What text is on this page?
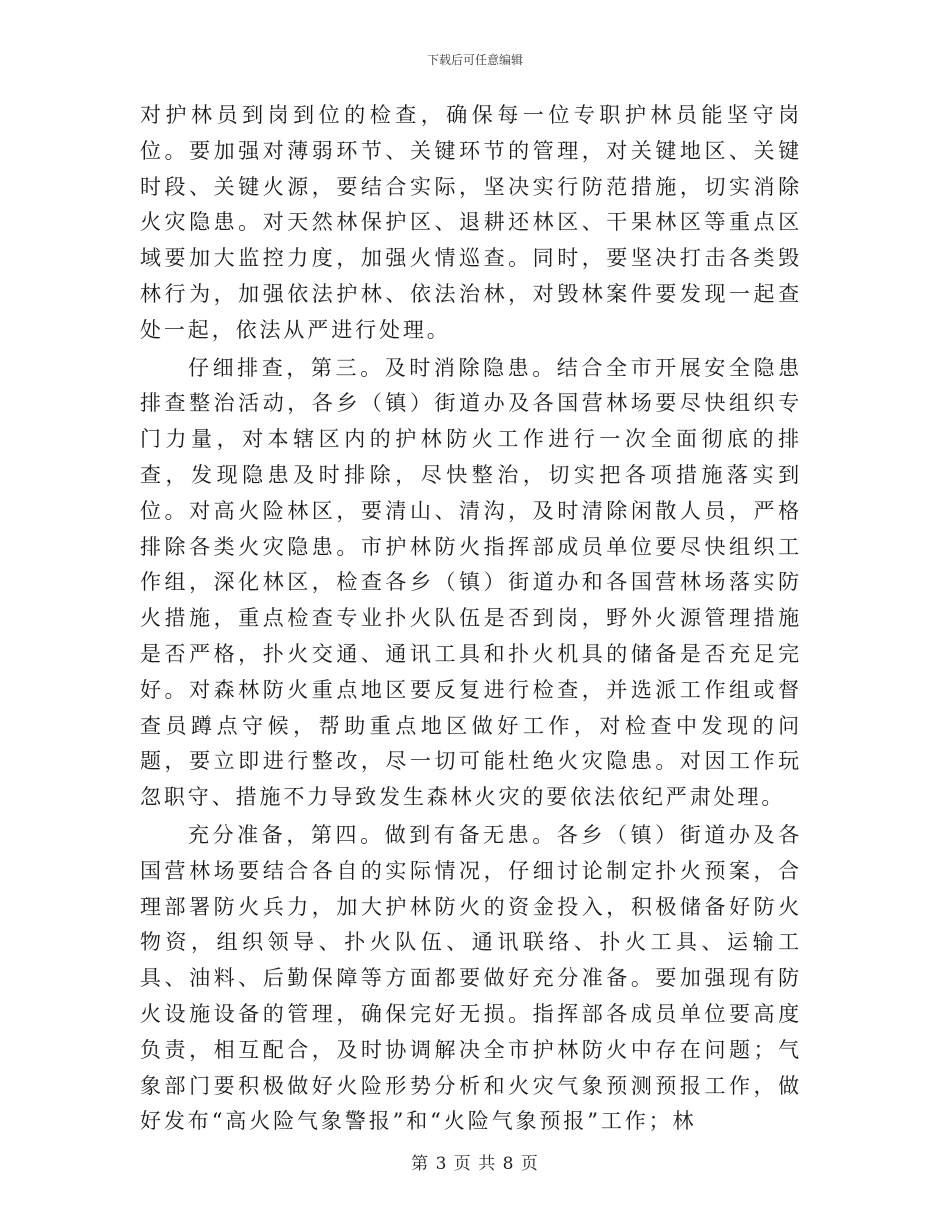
下载后可任意编辑

对护林员到岗到位的检查，确保每一位专职护林员能坚守岗位。要加强对薄弱环节、关键环节的管理，对关键地区、关键时段、关键火源，要结合实际，坚决实行防范措施，切实消除火灾隐患。对天然林保护区、退耕还林区、干果林区等重点区域要加大监控力度，加强火情巡查。同时，要坚决打击各类毁林行为，加强依法护林、依法治林，对毁林案件要发现一起查处一起，依法从严进行处理。

仔细排查，第三。及时消除隐患。结合全市开展安全隐患排查整治活动，各乡（镇）街道办及各国营林场要尽快组织专门力量，对本辖区内的护林防火工作进行一次全面彻底的排查，发现隐患及时排除，尽快整治，切实把各项措施落实到位。对高火险林区，要清山、清沟，及时清除闲散人员，严格排除各类火灾隐患。市护林防火指挥部成员单位要尽快组织工作组，深化林区，检查各乡（镇）街道办和各国营林场落实防火措施，重点检查专业扑火队伍是否到岗，野外火源管理措施是否严格，扑火交通、通讯工具和扑火机具的储备是否充足完好。对森林防火重点地区要反复进行检查，并选派工作组或督查员蹲点守候，帮助重点地区做好工作，对检查中发现的问题，要立即进行整改，尽一切可能杜绝火灾隐患。对因工作玩忽职守、措施不力导致发生森林火灾的要依法依纪严肃处理。

充分准备，第四。做到有备无患。各乡（镇）街道办及各国营林场要结合各自的实际情况，仔细讨论制定扑火预案，合理部署防火兵力，加大护林防火的资金投入，积极储备好防火物资，组织领导、扑火队伍、通讯联络、扑火工具、运输工具、油料、后勤保障等方面都要做好充分准备。要加强现有防火设施设备的管理，确保完好无损。指挥部各成员单位要高度负责，相互配合，及时协调解决全市护林防火中存在问题；气象部门要积极做好火险形势分析和火灾气象预测预报工作，做好发布“高火险气象警报”和“火险气象预报”工作；林

第 3 页 共 8 页
